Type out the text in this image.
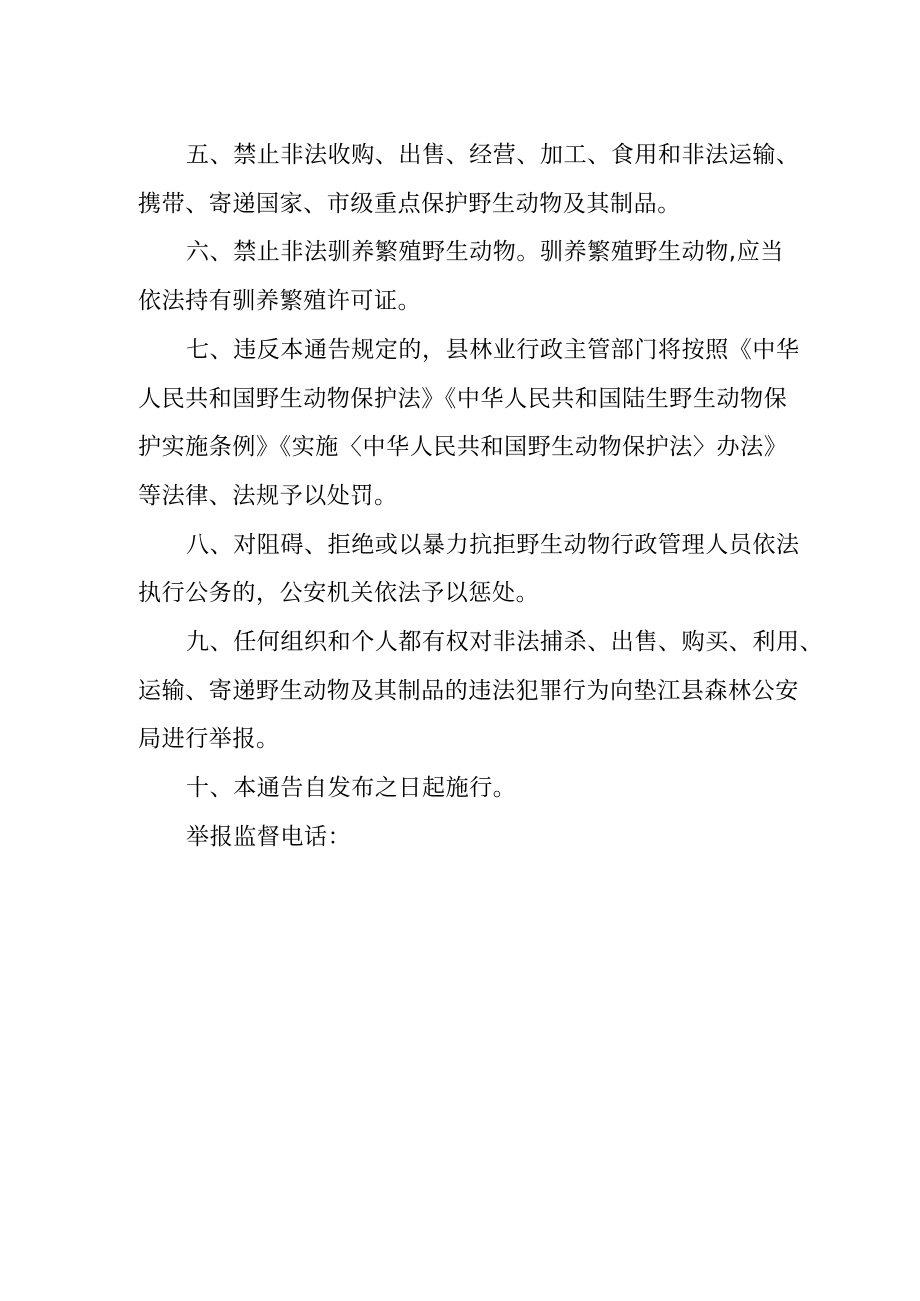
五、禁止非法收购、出售、经营、加工、食用和非法运输、
携带、寄递国家、市级重点保护野生动物及其制品。
六、禁止非法驯养繁殖野生动物。驯养繁殖野生动物,应当
依法持有驯养繁殖许可证。
七、违反本通告规定的，县林业行政主管部门将按照《中华
人民共和国野生动物保护法》《中华人民共和国陆生野生动物保
护实施条例》《实施〈中华人民共和国野生动物保护法〉办法》
等法律、法规予以处罚。
八、对阻碍、拒绝或以暴力抗拒野生动物行政管理人员依法
执行公务的，公安机关依法予以惩处。
九、任何组织和个人都有权对非法捕杀、出售、购买、利用、
运输、寄递野生动物及其制品的违法犯罪行为向垫江县森林公安
局进行举报。
十、本通告自发布之日起施行。
举报监督电话：
